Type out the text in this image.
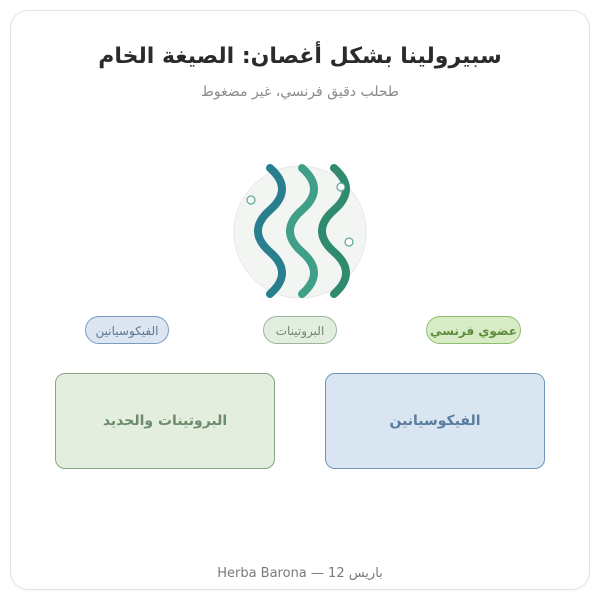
سبيرولينا بشكل أغصان: الصيغة الخام
طحلب دقيق فرنسي، غير مضغوط
الفيكوسيانين	البروتينات	عضوي فرنسي
البروتينات والحديد	الفيكوسيانين
Herba Barona — باريس 12
